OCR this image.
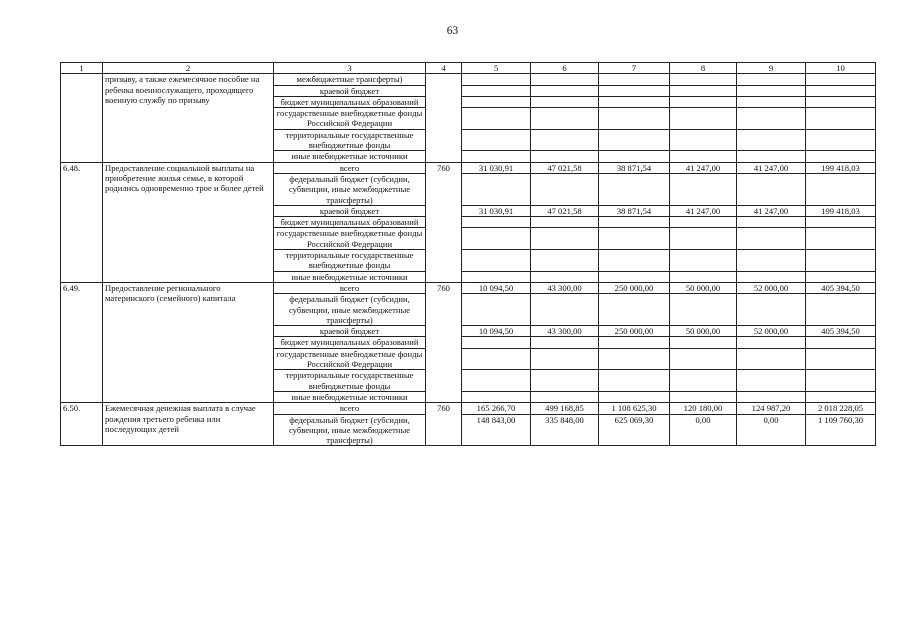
63
1	2	3	4	5	6	7	8	9	10
	призыву, а также ежемесячное пособие на ребенка военнослужащего, проходящего военную службу по призыву	межбюджетные трансферты)							
		краевой бюджет							
		бюджет муниципальных образований							
		государственные внебюджетные фонды Российской Федерации							
		территориальные государственные внебюджетные фонды							
		иные внебюджетные источники							
6.48.	Предоставление социальной выплаты на приобретение жилья семье, в которой родились одновременно трое и более детей	всего	760	31 030,91	47 021,58	38 871,54	41 247,00	41 247,00	199 418,03
		федеральный бюджет (субсидии, субвенции, иные межбюджетные трансферты)							
		краевой бюджет		31 030,91	47 021,58	38 871,54	41 247,00	41 247,00	199 418,03
		бюджет муниципальных образований							
		государственные внебюджетные фонды Российской Федерации							
		территориальные государственные внебюджетные фонды							
		иные внебюджетные источники							
6.49.	Предоставление регионального материнского (семейного) капитала	всего	760	10 094,50	43 300,00	250 000,00	50 000,00	52 000,00	405 394,50
		федеральный бюджет (субсидии, субвенции, иные межбюджетные трансферты)							
		краевой бюджет		10 094,50	43 300,00	250 000,00	50 000,00	52 000,00	405 394,50
		бюджет муниципальных образований							
		государственные внебюджетные фонды Российской Федерации							
		территориальные государственные внебюджетные фонды							
		иные внебюджетные источники							
6.50.	Ежемесячная денежная выплата в случае рождения третьего ребенка или последующих детей	всего	760	165 266,70	499 168,85	1 108 625,30	120 180,00	124 987,20	2 018 228,05
		федеральный бюджет (субсидии, субвенции, иные межбюджетные трансферты)		148 843,00	335 848,00	625 069,30	0,00	0,00	1 109 760,30
